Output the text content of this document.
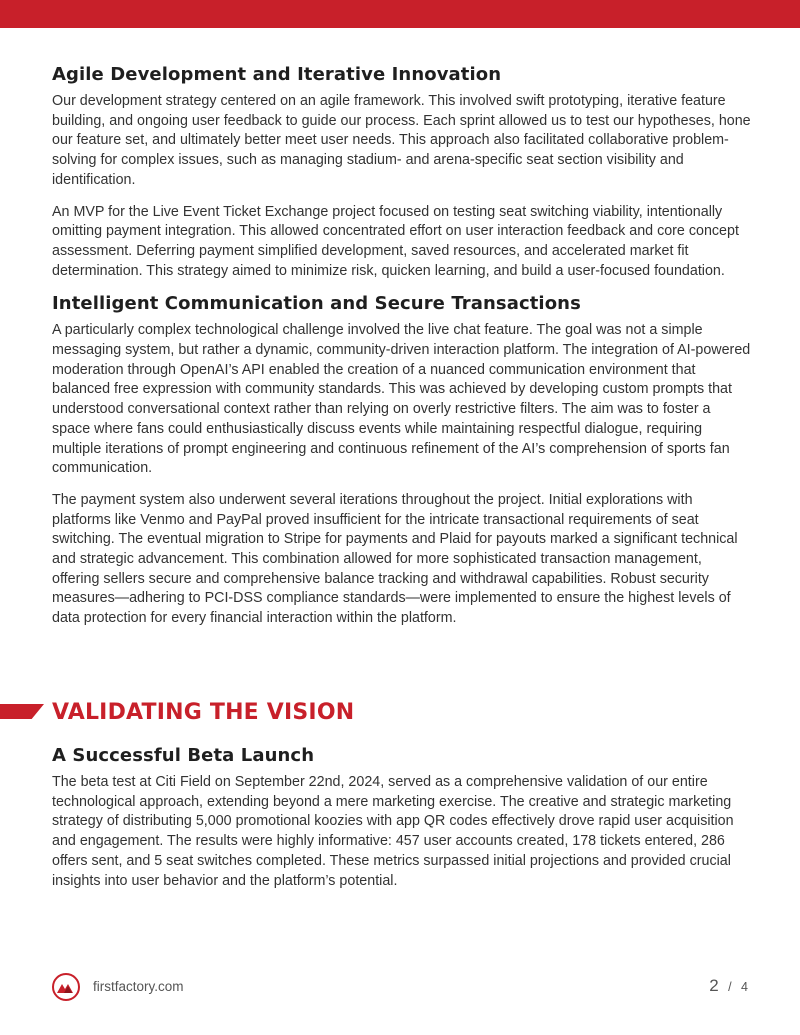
Agile Development and Iterative Innovation

Our development strategy centered on an agile framework. This involved swift prototyping, iterative feature building, and ongoing user feedback to guide our process. Each sprint allowed us to test our hypotheses, hone our feature set, and ultimately better meet user needs. This approach also facilitated collaborative problem-solving for complex issues, such as managing stadium- and arena-specific seat section visibility and identification.

An MVP for the Live Event Ticket Exchange project focused on testing seat switching viability, intentionally omitting payment integration. This allowed concentrated effort on user interaction feedback and core concept assessment. Deferring payment simplified development, saved resources, and accelerated market fit determination. This strategy aimed to minimize risk, quicken learning, and build a user-focused foundation.

Intelligent Communication and Secure Transactions

A particularly complex technological challenge involved the live chat feature. The goal was not a simple messaging system, but rather a dynamic, community-driven interaction platform. The integration of AI-powered moderation through OpenAI’s API enabled the creation of a nuanced communication environment that balanced free expression with community standards. This was achieved by developing custom prompts that understood conversational context rather than relying on overly restrictive filters. The aim was to foster a space where fans could enthusiastically discuss events while maintaining respectful dialogue, requiring multiple iterations of prompt engineering and continuous refinement of the AI’s comprehension of sports fan communication.

The payment system also underwent several iterations throughout the project. Initial explorations with platforms like Venmo and PayPal proved insufficient for the intricate transactional requirements of seat switching. The eventual migration to Stripe for payments and Plaid for payouts marked a significant technical and strategic advancement. This combination allowed for more sophisticated transaction management, offering sellers secure and comprehensive balance tracking and withdrawal capabilities. Robust security measures—adhering to PCI-DSS compliance standards—were implemented to ensure the highest levels of data protection for every financial interaction within the platform.

VALIDATING THE VISION
A Successful Beta Launch

The beta test at Citi Field on September 22nd, 2024, served as a comprehensive validation of our entire technological approach, extending beyond a mere marketing exercise. The creative and strategic marketing strategy of distributing 5,000 promotional koozies with app QR codes effectively drove rapid user acquisition and engagement. The results were highly informative: 457 user accounts created, 178 tickets entered, 286 offers sent, and 5 seat switches completed. These metrics surpassed initial projections and provided crucial insights into user behavior and the platform’s potential.

firstfactory.com	2 / 4
